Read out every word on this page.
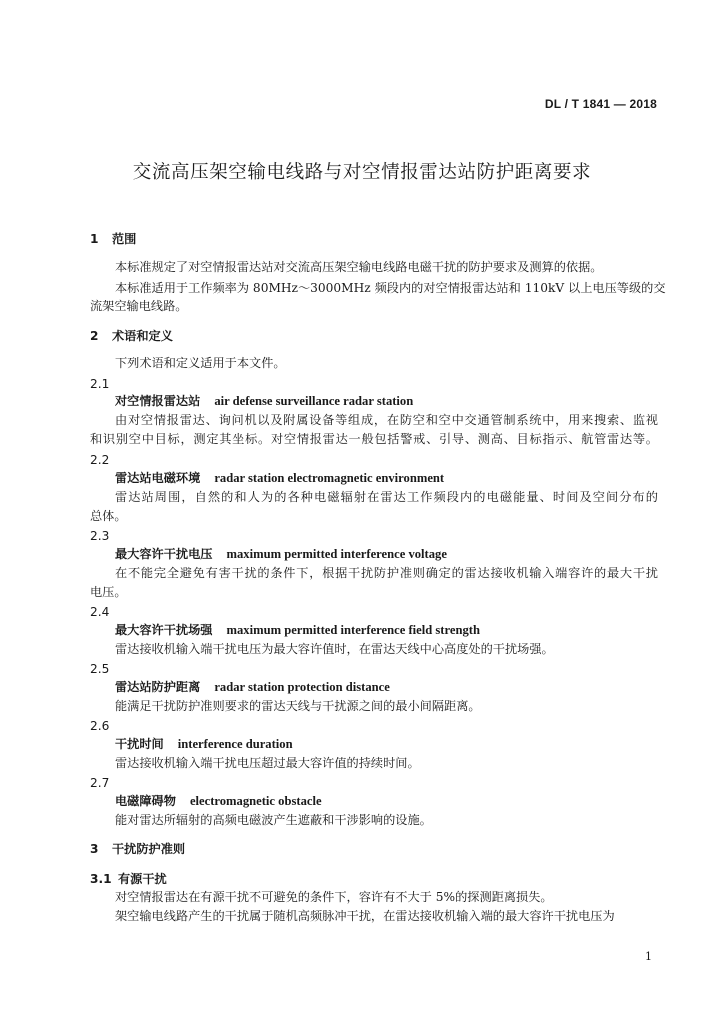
DL / T 1841 — 2018
交流高压架空输电线路与对空情报雷达站防护距离要求
1 范围
本标准规定了对空情报雷达站对交流高压架空输电线路电磁干扰的防护要求及测算的依据。
本标准适用于工作频率为 80MHz～3000MHz 频段内的对空情报雷达站和 110kV 以上电压等级的交
流架空输电线路。
2 术语和定义
下列术语和定义适用于本文件。
2.1
对空情报雷达站 air defense surveillance radar station
由对空情报雷达、询问机以及附属设备等组成，在防空和空中交通管制系统中，用来搜索、监视
和识别空中目标，测定其坐标。对空情报雷达一般包括警戒、引导、测高、目标指示、航管雷达等。
2.2
雷达站电磁环境 radar station electromagnetic environment
雷达站周围，自然的和人为的各种电磁辐射在雷达工作频段内的电磁能量、时间及空间分布的
总体。
2.3
最大容许干扰电压 maximum permitted interference voltage
在不能完全避免有害干扰的条件下，根据干扰防护准则确定的雷达接收机输入端容许的最大干扰
电压。
2.4
最大容许干扰场强 maximum permitted interference field strength
雷达接收机输入端干扰电压为最大容许值时，在雷达天线中心高度处的干扰场强。
2.5
雷达站防护距离 radar station protection distance
能满足干扰防护准则要求的雷达天线与干扰源之间的最小间隔距离。
2.6
干扰时间 interference duration
雷达接收机输入端干扰电压超过最大容许值的持续时间。
2.7
电磁障碍物 electromagnetic obstacle
能对雷达所辐射的高频电磁波产生遮蔽和干涉影响的设施。
3 干扰防护准则
3.1 有源干扰
对空情报雷达在有源干扰不可避免的条件下，容许有不大于 5%的探测距离损失。
架空输电线路产生的干扰属于随机高频脉冲干扰，在雷达接收机输入端的最大容许干扰电压为
1
